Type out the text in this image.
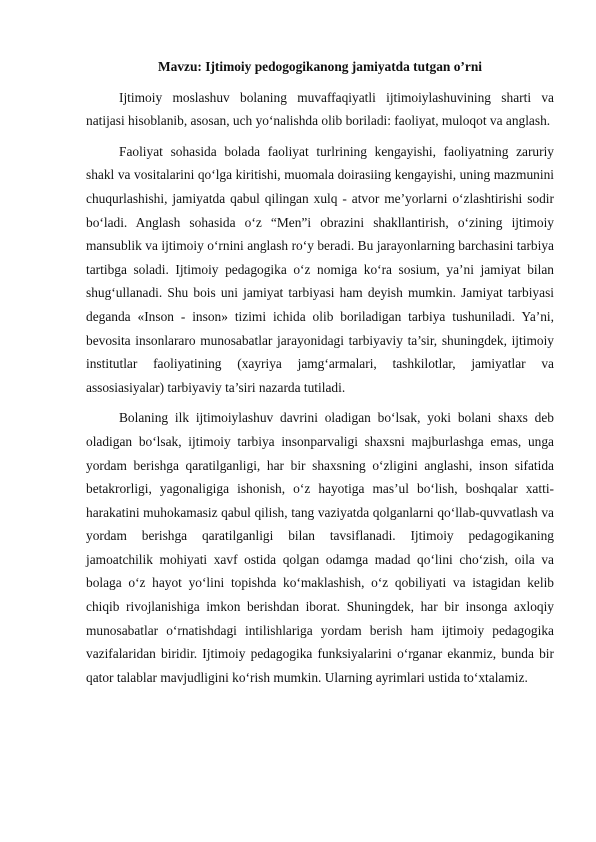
Mavzu: Ijtimoiy pedogogikanong jamiyatda tutgan o’rni

Ijtimoiy moslashuv bolaning muvaffaqiyatli ijtimoiylashuvining sharti va natijasi hisoblanib, asosan, uch yo‘nalishda olib boriladi: faoliyat, muloqot va anglash.

Faoliyat sohasida bolada faoliyat turlrining kengayishi, faoliyatning zaruriy shakl va vositalarini qo‘lga kiritishi, muomala doirasiing kengayishi, uning mazmunini chuqurlashishi, jamiyatda qabul qilingan xulq - atvor me’yorlarni o‘zlashtirishi sodir bo‘ladi. Anglash sohasida o‘z “Men”i obrazini shakllantirish, o‘zining ijtimoiy mansublik va ijtimoiy o‘rnini anglash ro‘y beradi. Bu jarayonlarning barchasini tarbiya tartibga soladi. Ijtimoiy pedagogika o‘z nomiga ko‘ra sosium, ya’ni jamiyat bilan shug‘ullanadi. Shu bois uni jamiyat tarbiyasi ham deyish mumkin. Jamiyat tarbiyasi deganda «Inson - inson» tizimi ichida olib boriladigan tarbiya tushuniladi. Ya’ni, bevosita insonlararo munosabatlar jarayonidagi tarbiyaviy ta’sir, shuningdek, ijtimoiy institutlar faoliyatining (xayriya jamg‘armalari, tashkilotlar, jamiyatlar va assosiasiyalar) tarbiyaviy ta’siri nazarda tutiladi.

Bolaning ilk ijtimoiylashuv davrini oladigan bo‘lsak, yoki bolani shaxs deb oladigan bo‘lsak, ijtimoiy tarbiya insonparvaligi shaxsni majburlashga emas, unga yordam berishga qaratilganligi, har bir shaxsning o‘zligini anglashi, inson sifatida betakrorligi, yagonaligiga ishonish, o‘z hayotiga mas’ul bo‘lish, boshqalar xatti-harakatini muhokamasiz qabul qilish, tang vaziyatda qolganlarni qo‘llab-quvvatlash va yordam berishga qaratilganligi bilan tavsiflanadi. Ijtimoiy pedagogikaning jamoatchilik mohiyati xavf ostida qolgan odamga madad qo‘lini cho‘zish, oila va bolaga o‘z hayot yo‘lini topishda ko‘maklashish, o‘z qobiliyati va istagidan kelib chiqib rivojlanishiga imkon berishdan iborat. Shuningdek, har bir insonga axloqiy munosabatlar o‘rnatishdagi intilishlariga yordam berish ham ijtimoiy pedagogika vazifalaridan biridir. Ijtimoiy pedagogika funksiyalarini o‘rganar ekanmiz, bunda bir qator talablar mavjudligini ko‘rish mumkin. Ularning ayrimlari ustida to‘xtalamiz.
